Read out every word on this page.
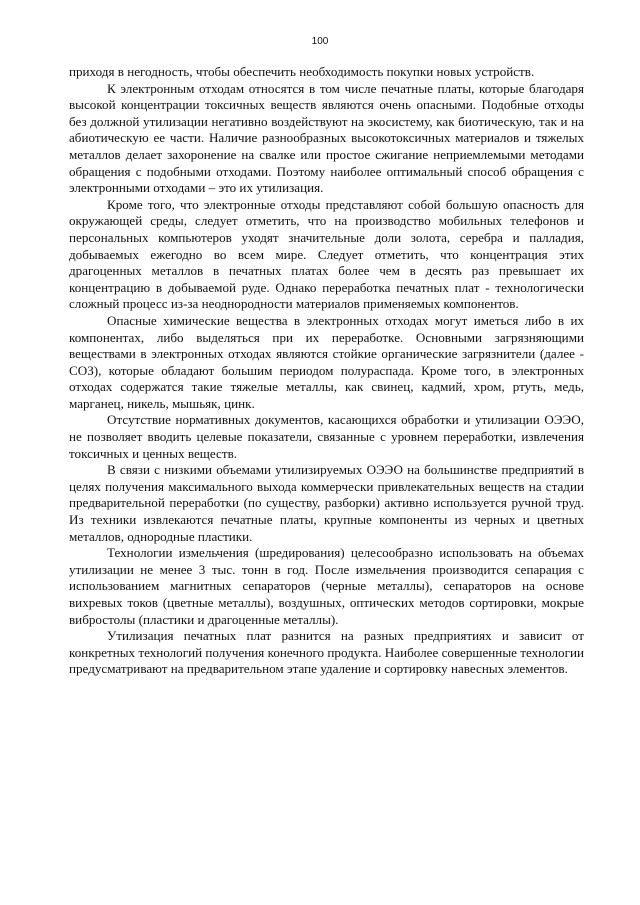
100

приходя в негодность, чтобы обеспечить необходимость покупки новых устройств.

К электронным отходам относятся в том числе печатные платы, которые благодаря высокой концентрации токсичных веществ являются очень опасными. Подобные отходы без должной утилизации негативно воздействуют на экосистему, как биотическую, так и на абиотическую ее части. Наличие разнообразных высокотоксичных материалов и тяжелых металлов делает захоронение на свалке или простое сжигание неприемлемыми методами обращения с подобными отходами. Поэтому наиболее оптимальный способ обращения с электронными отходами – это их утилизация.

Кроме того, что электронные отходы представляют собой большую опасность для окружающей среды, следует отметить, что на производство мобильных телефонов и персональных компьютеров уходят значительные доли золота, серебра и палладия, добываемых ежегодно во всем мире. Следует отметить, что концентрация этих драгоценных металлов в печатных платах более чем в десять раз превышает их концентрацию в добываемой руде. Однако переработка печатных плат - технологически сложный процесс из-за неоднородности материалов применяемых компонентов.

Опасные химические вещества в электронных отходах могут иметься либо в их компонентах, либо выделяться при их переработке. Основными загрязняющими веществами в электронных отходах являются стойкие органические загрязнители (далее - СОЗ), которые обладают большим периодом полураспада. Кроме того, в электронных отходах содержатся такие тяжелые металлы, как свинец, кадмий, хром, ртуть, медь, марганец, никель, мышьяк, цинк.

Отсутствие нормативных документов, касающихся обработки и утилизации ОЭЭО, не позволяет вводить целевые показатели, связанные с уровнем переработки, извлечения токсичных и ценных веществ.

В связи с низкими объемами утилизируемых ОЭЭО на большинстве предприятий в целях получения максимального выхода коммерчески привлекательных веществ на стадии предварительной переработки (по существу, разборки) активно используется ручной труд. Из техники извлекаются печатные платы, крупные компоненты из черных и цветных металлов, однородные пластики.

Технологии измельчения (шредирования) целесообразно использовать на объемах утилизации не менее 3 тыс. тонн в год. После измельчения производится сепарация с использованием магнитных сепараторов (черные металлы), сепараторов на основе вихревых токов (цветные металлы), воздушных, оптических методов сортировки, мокрые вибростолы (пластики и драгоценные металлы).

Утилизация печатных плат разнится на разных предприятиях и зависит от конкретных технологий получения конечного продукта. Наиболее совершенные технологии предусматривают на предварительном этапе удаление и сортировку навесных элементов.
